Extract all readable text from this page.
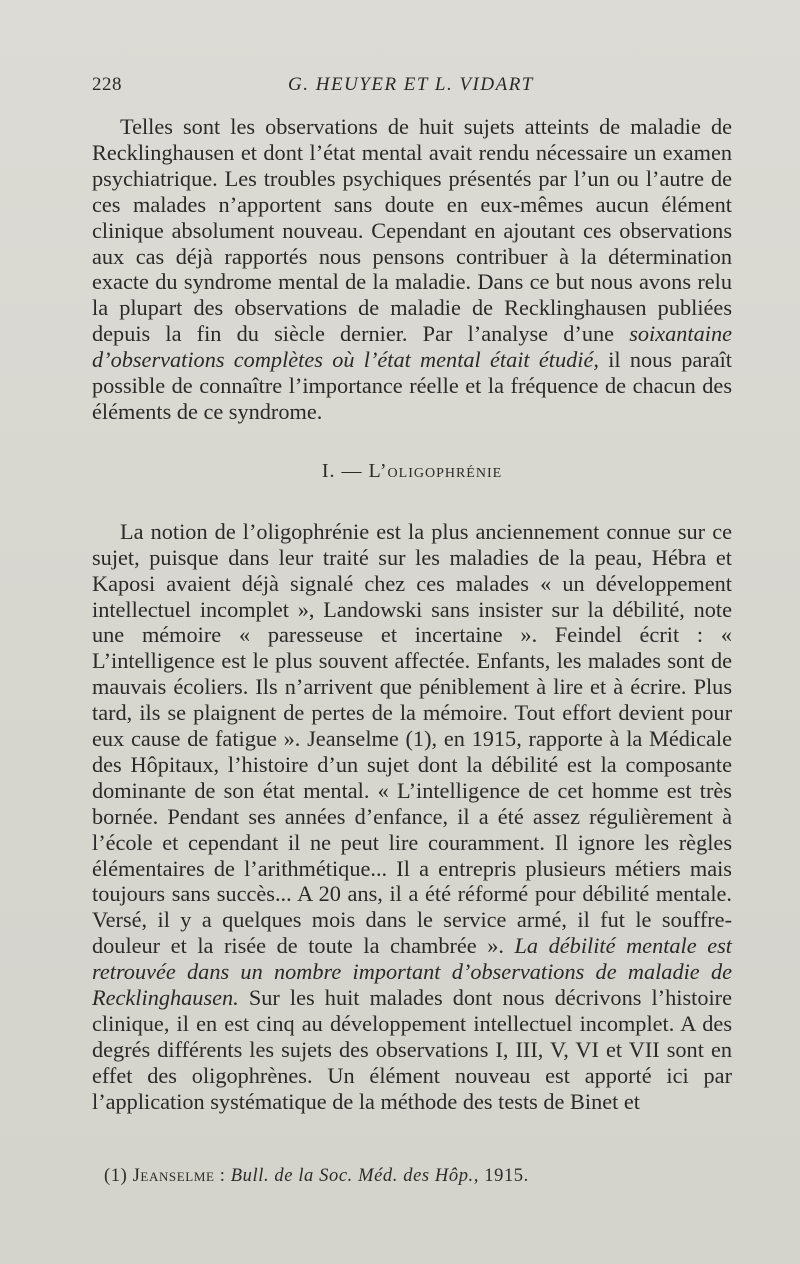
228	G. HEUYER ET L. VIDART

Telles sont les observations de huit sujets atteints de maladie de Recklinghausen et dont l’état mental avait rendu nécessaire un examen psychiatrique. Les troubles psychiques présentés par l’un ou l’autre de ces malades n’apportent sans doute en eux-mêmes aucun élément clinique absolument nouveau. Cependant en ajoutant ces observations aux cas déjà rapportés nous pensons contribuer à la détermination exacte du syndrome mental de la maladie. Dans ce but nous avons relu la plupart des observations de maladie de Recklinghausen publiées depuis la fin du siècle dernier. Par l’analyse d’une soixantaine d’observations complètes où l’état mental était étudié, il nous paraît possible de connaître l’importance réelle et la fréquence de chacun des éléments de ce syndrome.

I. — L’oligophrénie

La notion de l’oligophrénie est la plus anciennement connue sur ce sujet, puisque dans leur traité sur les maladies de la peau, Hébra et Kaposi avaient déjà signalé chez ces malades « un développement intellectuel incomplet », Landowski sans insister sur la débilité, note une mémoire « paresseuse et incertaine ». Feindel écrit : « L’intelligence est le plus souvent affectée. Enfants, les malades sont de mauvais écoliers. Ils n’arrivent que péniblement à lire et à écrire. Plus tard, ils se plaignent de pertes de la mémoire. Tout effort devient pour eux cause de fatigue ». Jeanselme (1), en 1915, rapporte à la Médicale des Hôpitaux, l’histoire d’un sujet dont la débilité est la composante dominante de son état mental. « L’intelligence de cet homme est très bornée. Pendant ses années d’enfance, il a été assez régulièrement à l’école et cependant il ne peut lire couramment. Il ignore les règles élémentaires de l’arithmétique... Il a entrepris plusieurs métiers mais toujours sans succès... A 20 ans, il a été réformé pour débilité mentale. Versé, il y a quelques mois dans le service armé, il fut le souffre-douleur et la risée de toute la chambrée ». La débilité mentale est retrouvée dans un nombre important d’observations de maladie de Recklinghausen. Sur les huit malades dont nous décrivons l’histoire clinique, il en est cinq au développement intellectuel incomplet. A des degrés différents les sujets des observations I, III, V, VI et VII sont en effet des oligophrènes. Un élément nouveau est apporté ici par l’application systématique de la méthode des tests de Binet et

(1) Jeanselme : Bull. de la Soc. Méd. des Hôp., 1915.
